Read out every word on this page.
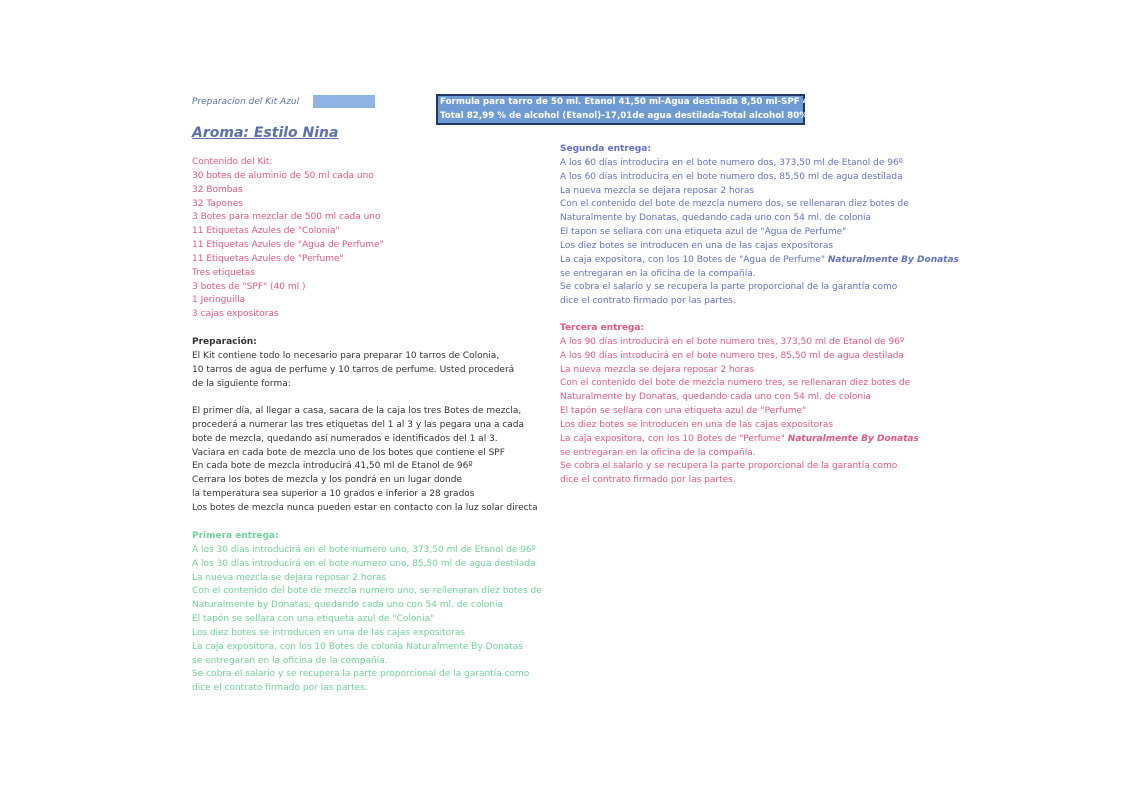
Preparacion del Kit Azul	Formula para tarro de 50 ml. Etanol 41,50 ml-Agua destilada 8,50 ml-SPF 4 ml.
Total 82,99 % de alcohol (Etanol)-17,01de agua destilada-Total alcohol 80%
Aroma: Estilo Nina
Contenido del Kit:
30 botes de aluminio de 50 ml cada uno
32 Bombas
32 Tapones
3 Botes para mezclar de 500 ml cada uno
11 Etiquetas Azules de "Colonia"
11 Etiquetas Azules de "Agua de Perfume"
11 Etiquetas Azules de "Perfume"
Tres etiquetas
3 botes de "SPF" (40 ml )
1 Jeringuilla
3 cajas expositoras
Preparación:
El Kit contiene todo lo necesario para preparar 10 tarros de Colonia,
10 tarros de agua de perfume y 10 tarros de perfume. Usted procederá
de la siguiente forma:
El primer día, al llegar a casa, sacara de la caja los tres Botes de mezcla,
procederá a numerar las tres etiquetas del 1 al 3 y las pegara una a cada
bote de mezcla, quedando así numerados e identificados del 1 al 3.
Vaciara en cada bote de mezcla uno de los botes que contiene el SPF
En cada bote de mezcla introducirá 41,50 ml de Etanol de 96º
Cerrara los botes de mezcla y los pondrá en un lugar donde
la temperatura sea superior a 10 grados e inferior a 28 grados
Los botes de mezcla nunca pueden estar en contacto con la luz solar directa
Primera entrega:
A los 30 días introducirá en el bote numero uno, 373,50 ml de Etanol de 96º
A los 30 días introducirá en el bote numero uno, 85,50 ml de agua destilada
La nueva mezcla se dejara reposar 2 horas
Con el contenido del bote de mezcla numero uno, se rellenaran diez botes de
Naturalmente by Donatas, quedando cada uno con 54 ml. de colonia
El tapón se sellara con una etiqueta azul de "Colonia"
Los diez botes se introducen en una de las cajas expositoras
La caja expositora, con los 10 Botes de colonia Naturalmente By Donatas
se entregaran en la oficina de la compañía.
Se cobra el salario y se recupera la parte proporcional de la garantía como
dice el contrato firmado por las partes.
Segunda entrega:
A los 60 días introducira en el bote numero dos, 373,50 ml de Etanol de 96º
A los 60 días introducira en el bote numero dos, 85,50 ml de agua destilada
La nueva mezcla se dejara reposar 2 horas
Con el contenido del bote de mezcla numero dos, se rellenaran diez botes de
Naturalmente by Donatas, quedando cada uno con 54 ml. de colonia
El tapon se sellara con una etiqueta azul de "Agua de Perfume"
Los diez botes se introducen en una de las cajas expositoras
La caja expositora, con los 10 Botes de "Agua de Perfume" Naturalmente By Donatas
se entregaran en la oficina de la compañía.
Se cobra el salario y se recupera la parte proporcional de la garantía como
dice el contrato firmado por las partes.
Tercera entrega:
A los 90 días introducirá en el bote numero tres, 373,50 ml de Etanol de 96º
A los 90 días introducirá en el bote numero tres, 85,50 ml de agua destilada
La nueva mezcla se dejara reposar 2 horas
Con el contenido del bote de mezcla numero tres, se rellenaran diez botes de
Naturalmente by Donatas, quedando cada uno con 54 ml. de colonia
El tapón se sellara con una etiqueta azul de "Perfume"
Los diez botes se introducen en una de las cajas expositoras
La caja expositora, con los 10 Botes de "Perfume" Naturalmente By Donatas
se entregaran en la oficina de la compañía.
Se cobra el salario y se recupera la parte proporcional de la garantía como
dice el contrato firmado por las partes.
